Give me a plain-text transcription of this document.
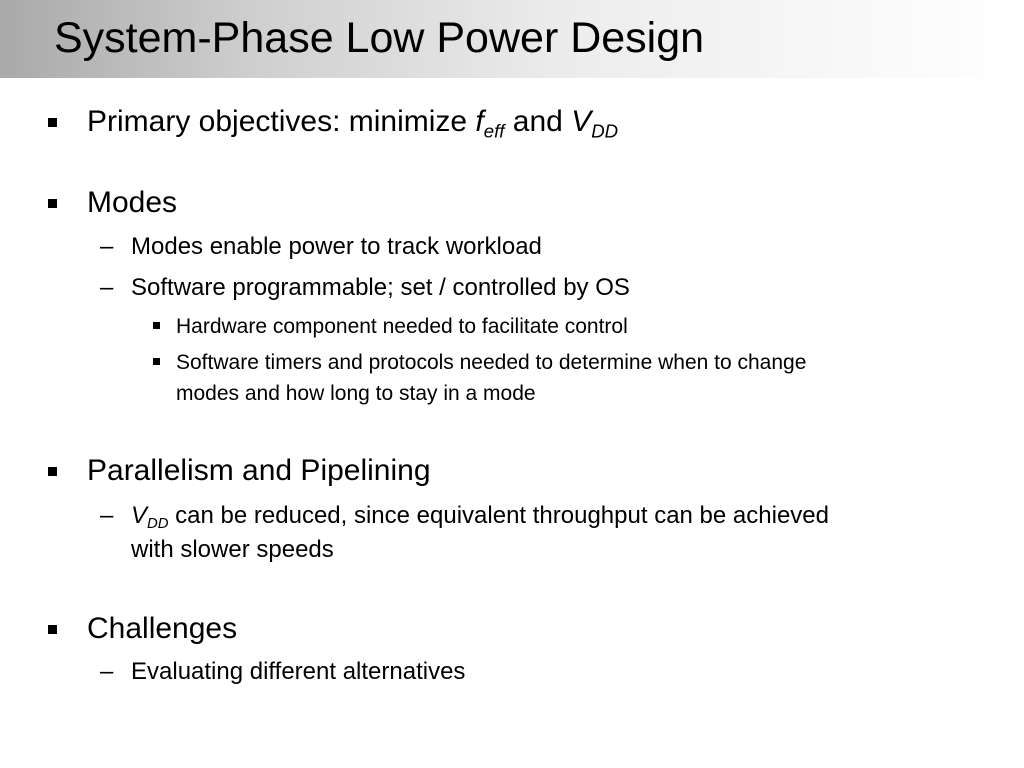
System-Phase Low Power Design
Primary objectives: minimize $f_{eff}$ and $V_{DD}$
Modes
– Modes enable power to track workload
– Software programmable; set / controlled by OS
Hardware component needed to facilitate control
Software timers and protocols needed to determine when to change
modes and how long to stay in a mode
Parallelism and Pipelining
– $V_{DD}$ can be reduced, since equivalent throughput can be achieved
with slower speeds
Challenges
– Evaluating different alternatives
